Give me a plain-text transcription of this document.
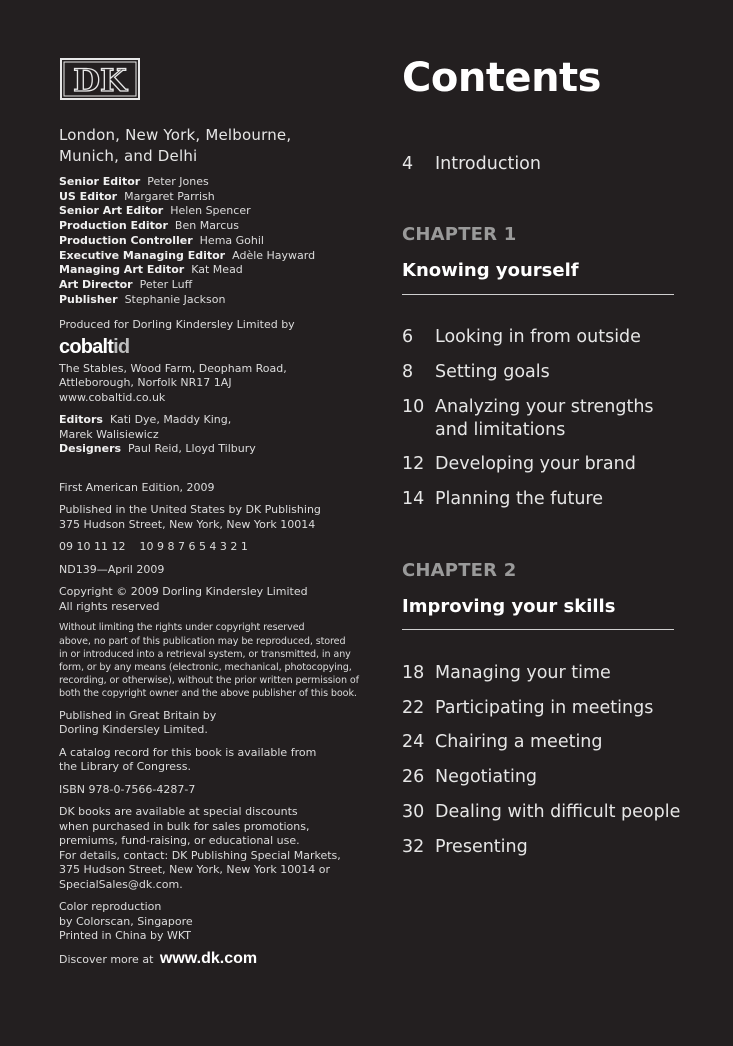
DK
London, New York, Melbourne,
Munich, and Delhi
Senior Editor Peter Jones
US Editor Margaret Parrish
Senior Art Editor Helen Spencer
Production Editor Ben Marcus
Production Controller Hema Gohil
Executive Managing Editor Adèle Hayward
Managing Art Editor Kat Mead
Art Director Peter Luff
Publisher Stephanie Jackson
Produced for Dorling Kindersley Limited by
cobaltid
The Stables, Wood Farm, Deopham Road,
Attleborough, Norfolk NR17 1AJ
www.cobaltid.co.uk
Editors Kati Dye, Maddy King,
Marek Walisiewicz
Designers Paul Reid, Lloyd Tilbury
First American Edition, 2009
Published in the United States by DK Publishing
375 Hudson Street, New York, New York 10014
09 10 11 12    10 9 8 7 6 5 4 3 2 1
ND139—April 2009
Copyright © 2009 Dorling Kindersley Limited
All rights reserved
Without limiting the rights under copyright reserved
above, no part of this publication may be reproduced, stored
in or introduced into a retrieval system, or transmitted, in any
form, or by any means (electronic, mechanical, photocopying,
recording, or otherwise), without the prior written permission of
both the copyright owner and the above publisher of this book.
Published in Great Britain by
Dorling Kindersley Limited.
A catalog record for this book is available from
the Library of Congress.
ISBN 978-0-7566-4287-7
DK books are available at special discounts
when purchased in bulk for sales promotions,
premiums, fund-raising, or educational use.
For details, contact: DK Publishing Special Markets,
375 Hudson Street, New York, New York 10014 or
SpecialSales@dk.com.
Color reproduction
by Colorscan, Singapore
Printed in China by WKT
Discover more at www.dk.com
Contents
4 Introduction
CHAPTER 1
Knowing yourself
6 Looking in from outside
8 Setting goals
10 Analyzing your strengths
and limitations
12 Developing your brand
14 Planning the future
CHAPTER 2
Improving your skills
18 Managing your time
22 Participating in meetings
24 Chairing a meeting
26 Negotiating
30 Dealing with difficult people
32 Presenting
